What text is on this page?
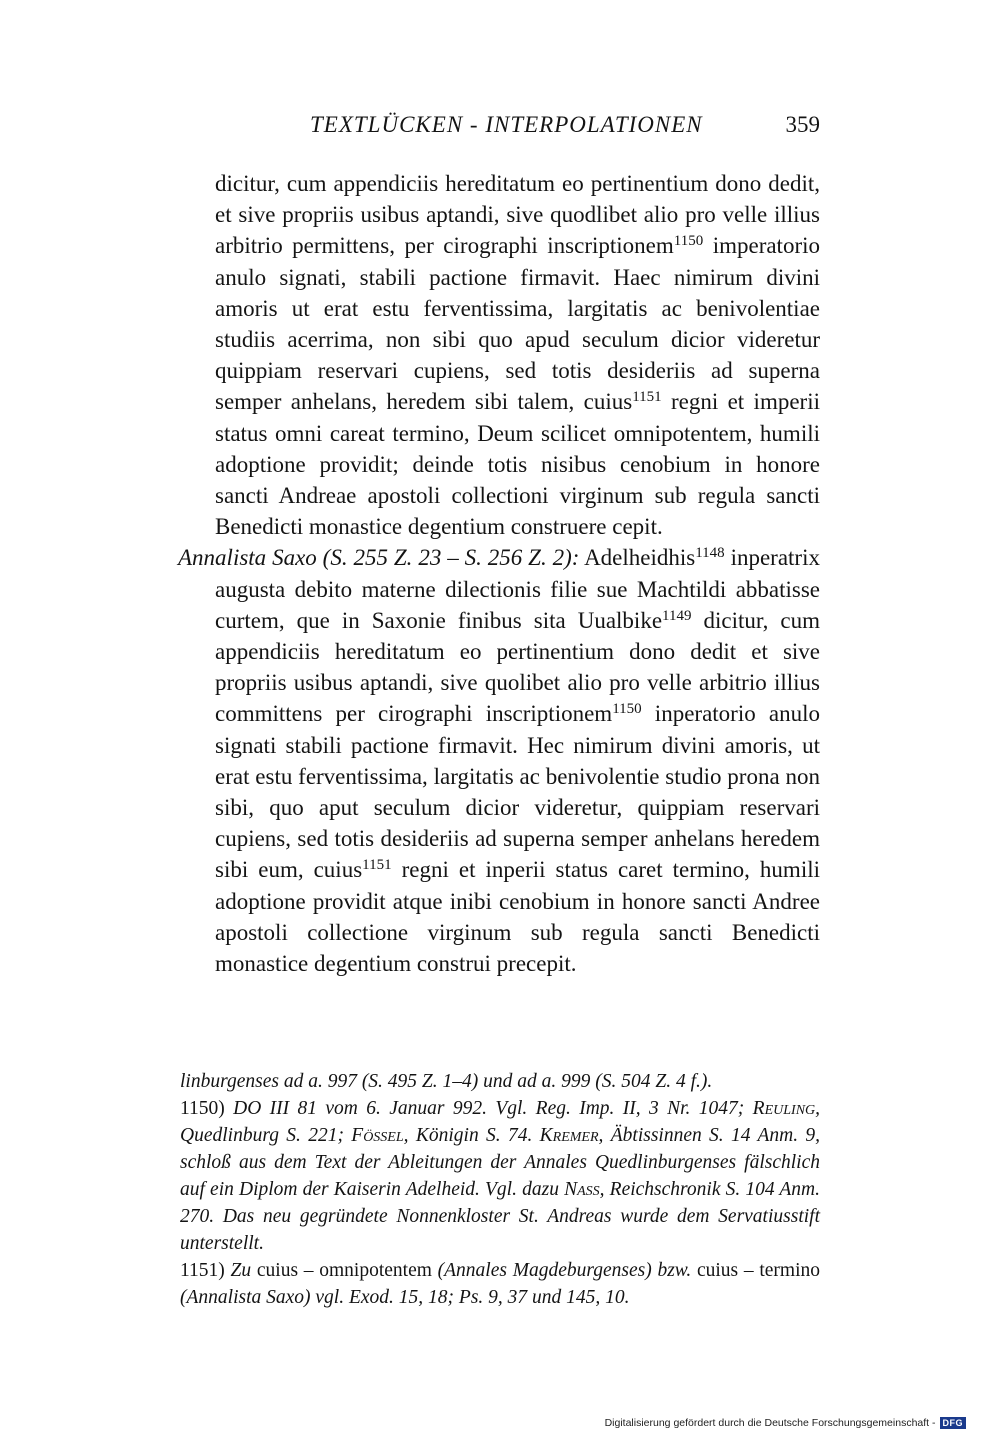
TEXTLÜCKEN - INTERPOLATIONEN	359

dicitur, cum appendiciis hereditatum eo pertinentium dono dedit, et sive propriis usibus aptandi, sive quodlibet alio pro velle illius arbitrio permittens, per cirographi inscriptionem$^{1150}$ imperatorio anulo signati, stabili pactione firmavit. Haec nimirum divini amoris ut erat estu ferventissima, largitatis ac benivolentiae studiis acerrima, non sibi quo apud seculum dicior videretur quippiam reservari cupiens, sed totis desideriis ad superna semper anhelans, heredem sibi talem, cuius$^{1151}$ regni et imperii status omni careat termino, Deum scilicet omnipotentem, humili adoptione providit; deinde totis nisibus cenobium in honore sancti Andreae apostoli collectioni virginum sub regula sancti Benedicti monastice degentium construere cepit.

Annalista Saxo (S. 255 Z. 23 – S. 256 Z. 2): Adelheidhis$^{1148}$ inperatrix augusta debito materne dilectionis filie sue Machtildi abbatisse curtem, que in Saxonie finibus sita Uualbike$^{1149}$ dicitur, cum appendiciis hereditatum eo pertinentium dono dedit et sive propriis usibus aptandi, sive quolibet alio pro velle arbitrio illius committens per cirographi inscriptionem$^{1150}$ inperatorio anulo signati stabili pactione firmavit. Hec nimirum divini amoris, ut erat estu ferventissima, largitatis ac benivolentie studio prona non sibi, quo aput seculum dicior videretur, quippiam reservari cupiens, sed totis desideriis ad superna semper anhelans heredem sibi eum, cuius$^{1151}$ regni et inperii status caret termino, humili adoptione providit atque inibi cenobium in honore sancti Andree apostoli collectione virginum sub regula sancti Benedicti monastice degentium construi precepit.

linburgenses ad a. 997 (S. 495 Z. 1–4) und ad a. 999 (S. 504 Z. 4 f.).

1150) DO III 81 vom 6. Januar 992. Vgl. Reg. Imp. II, 3 Nr. 1047; Reuling, Quedlinburg S. 221; Fössel, Königin S. 74. Kremer, Äbtissinnen S. 14 Anm. 9, schloß aus dem Text der Ableitungen der Annales Quedlinburgenses fälschlich auf ein Diplom der Kaiserin Adelheid. Vgl. dazu Nass, Reichschronik S. 104 Anm. 270. Das neu gegründete Nonnenkloster St. Andreas wurde dem Servatiusstift unterstellt.

1151) Zu cuius – omnipotentem (Annales Magdeburgenses) bzw. cuius – termino (Annalista Saxo) vgl. Exod. 15, 18; Ps. 9, 37 und 145, 10.

Digitalisierung gefördert durch die Deutsche Forschungsgemeinschaft - DFG
